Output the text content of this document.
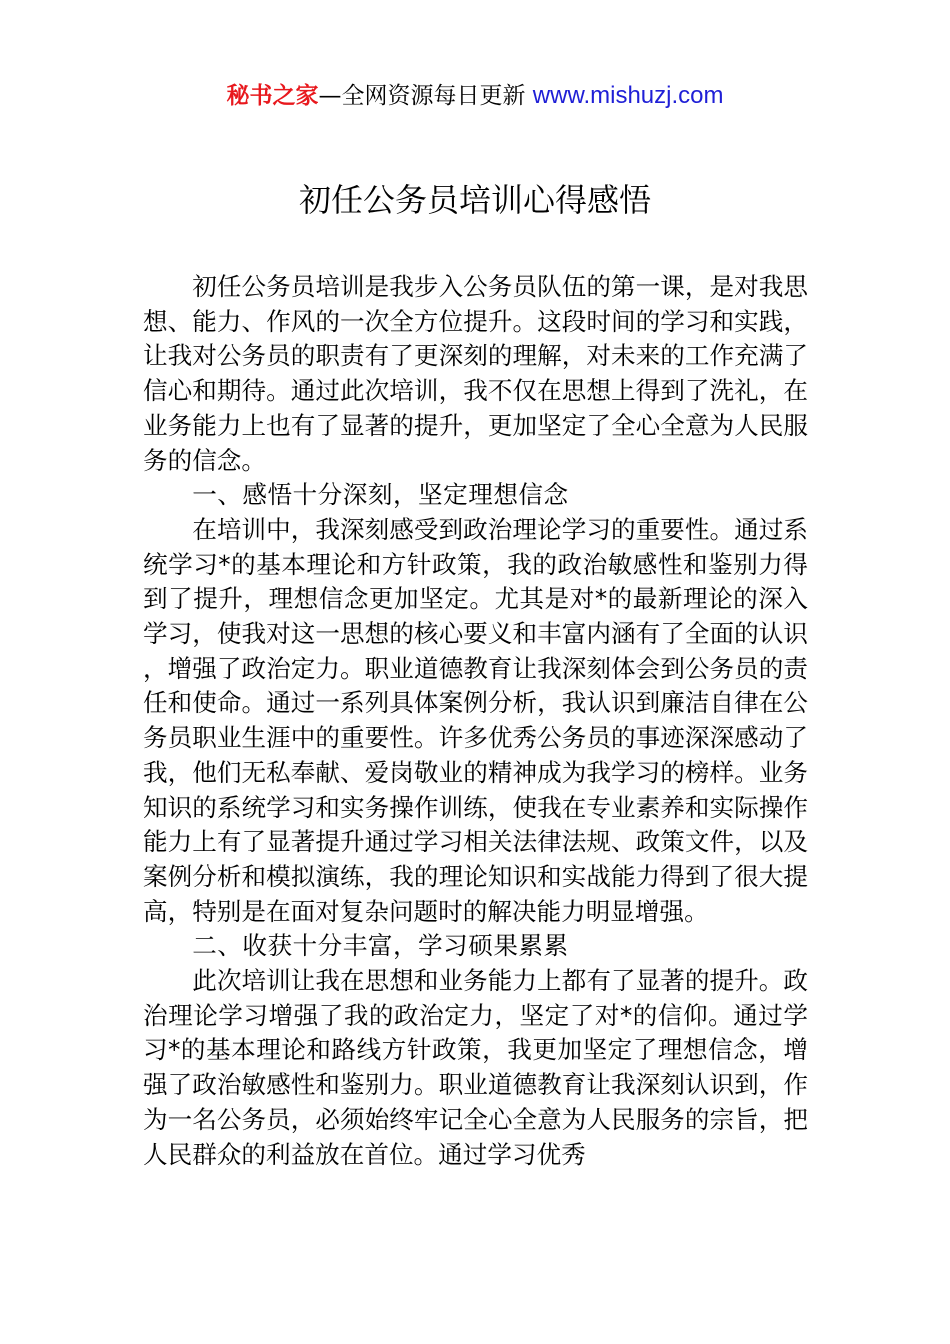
秘书之家—全网资源每日更新 www.mishuzj.com
初任公务员培训心得感悟

初任公务员培训是我步入公务员队伍的第一课，是对我思想、能力、作风的一次全方位提升。这段时间的学习和实践，让我对公务员的职责有了更深刻的理解，对未来的工作充满了信心和期待。通过此次培训，我不仅在思想上得到了洗礼，在业务能力上也有了显著的提升，更加坚定了全心全意为人民服务的信念。

一、感悟十分深刻，坚定理想信念

在培训中，我深刻感受到政治理论学习的重要性。通过系统学习*的基本理论和方针政策，我的政治敏感性和鉴别力得到了提升，理想信念更加坚定。尤其是对*的最新理论的深入学习，使我对这一思想的核心要义和丰富内涵有了全面的认识，增强了政治定力。职业道德教育让我深刻体会到公务员的责任和使命。通过一系列具体案例分析，我认识到廉洁自律在公务员职业生涯中的重要性。许多优秀公务员的事迹深深感动了我，他们无私奉献、爱岗敬业的精神成为我学习的榜样。业务知识的系统学习和实务操作训练，使我在专业素养和实际操作能力上有了显著提升通过学习相关法律法规、政策文件，以及案例分析和模拟演练，我的理论知识和实战能力得到了很大提高，特别是在面对复杂问题时的解决能力明显增强。

二、收获十分丰富，学习硕果累累

此次培训让我在思想和业务能力上都有了显著的提升。政治理论学习增强了我的政治定力，坚定了对*的信仰。通过学习*的基本理论和路线方针政策，我更加坚定了理想信念，增强了政治敏感性和鉴别力。职业道德教育让我深刻认识到，作为一名公务员，必须始终牢记全心全意为人民服务的宗旨，把人民群众的利益放在首位。通过学习优秀
